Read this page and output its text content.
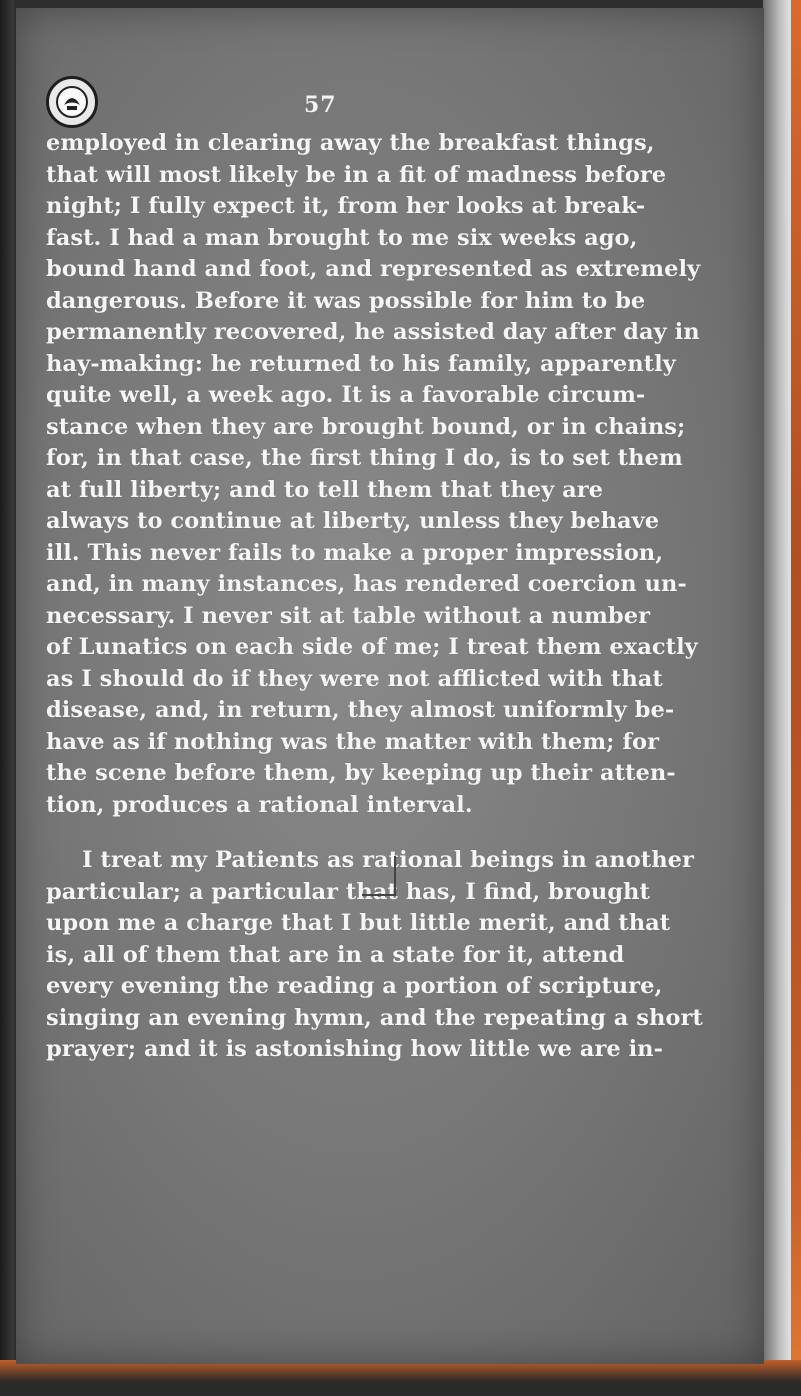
57
employed in clearing away the breakfast things,
that will most likely be in a fit of madness before
night; I fully expect it, from her looks at break-
fast. I had a man brought to me six weeks ago,
bound hand and foot, and represented as extremely
dangerous. Before it was possible for him to be
permanently recovered, he assisted day after day in
hay-making: he returned to his family, apparently
quite well, a week ago. It is a favorable circum-
stance when they are brought bound, or in chains;
for, in that case, the first thing I do, is to set them
at full liberty; and to tell them that they are
always to continue at liberty, unless they behave
ill. This never fails to make a proper impression,
and, in many instances, has rendered coercion un-
necessary. I never sit at table without a number
of Lunatics on each side of me; I treat them exactly
as I should do if they were not afflicted with that
disease, and, in return, they almost uniformly be-
have as if nothing was the matter with them; for
the scene before them, by keeping up their atten-
tion, produces a rational interval.
I treat my Patients as rational beings in another
particular; a particular that has, I find, brought
upon me a charge that I but little merit, and that
is, all of them that are in a state for it, attend
every evening the reading a portion of scripture,
singing an evening hymn, and the repeating a short
prayer; and it is astonishing how little we are in-
